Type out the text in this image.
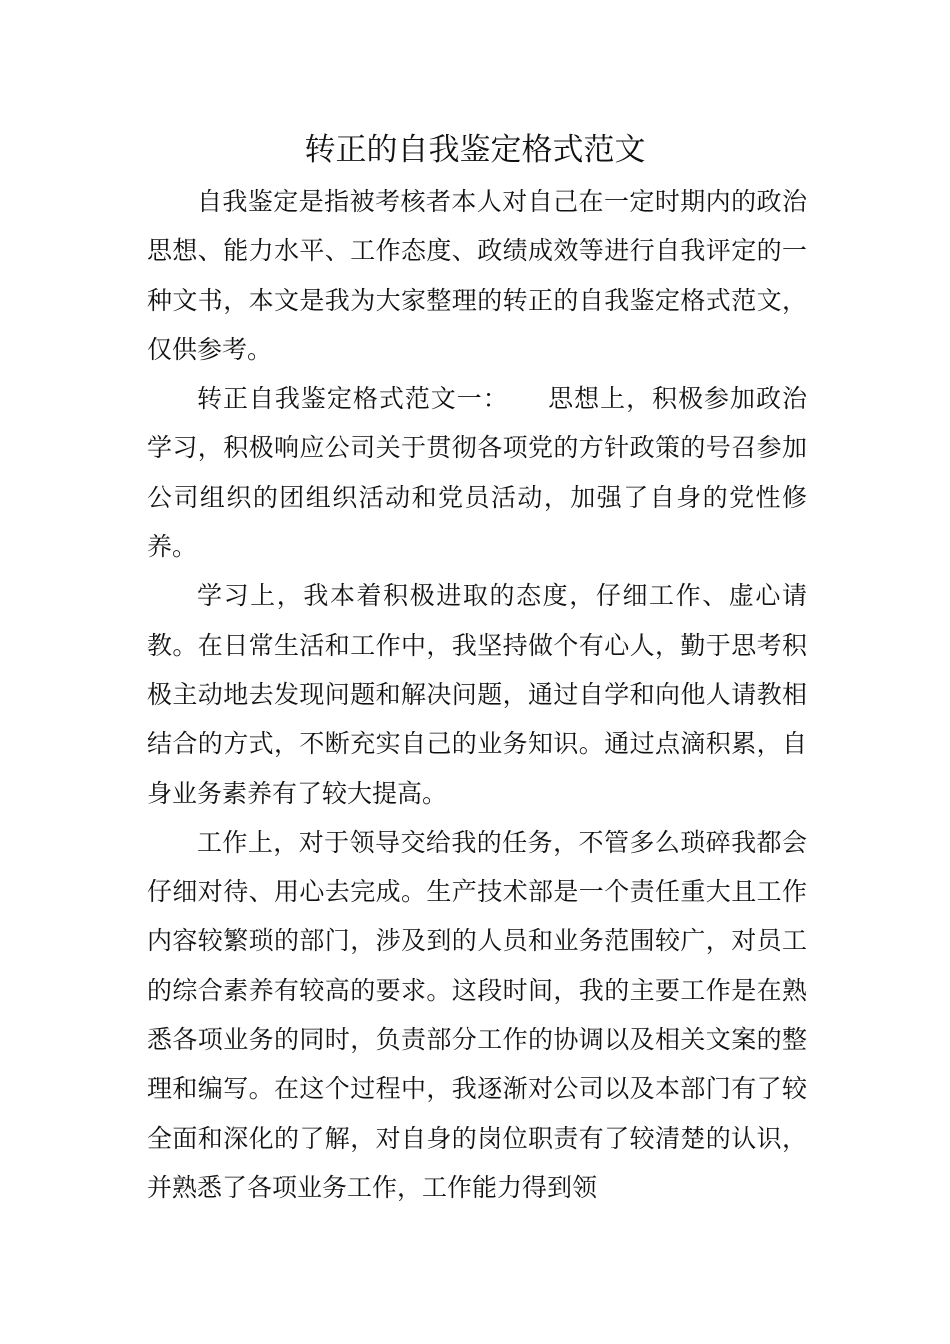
转正的自我鉴定格式范文

自我鉴定是指被考核者本人对自己在一定时期内的政治思想、能力水平、工作态度、政绩成效等进行自我评定的一种文书，本文是我为大家整理的转正的自我鉴定格式范文，仅供参考。

转正自我鉴定格式范文一：　　思想上，积极参加政治学习，积极响应公司关于贯彻各项党的方针政策的号召参加公司组织的团组织活动和党员活动，加强了自身的党性修养。

学习上，我本着积极进取的态度，仔细工作、虚心请教。在日常生活和工作中，我坚持做个有心人，勤于思考积极主动地去发现问题和解决问题，通过自学和向他人请教相结合的方式，不断充实自己的业务知识。通过点滴积累，自身业务素养有了较大提高。

工作上，对于领导交给我的任务，不管多么琐碎我都会仔细对待、用心去完成。生产技术部是一个责任重大且工作内容较繁琐的部门，涉及到的人员和业务范围较广，对员工的综合素养有较高的要求。这段时间，我的主要工作是在熟悉各项业务的同时，负责部分工作的协调以及相关文案的整理和编写。在这个过程中，我逐渐对公司以及本部门有了较全面和深化的了解，对自身的岗位职责有了较清楚的认识，并熟悉了各项业务工作，工作能力得到领
